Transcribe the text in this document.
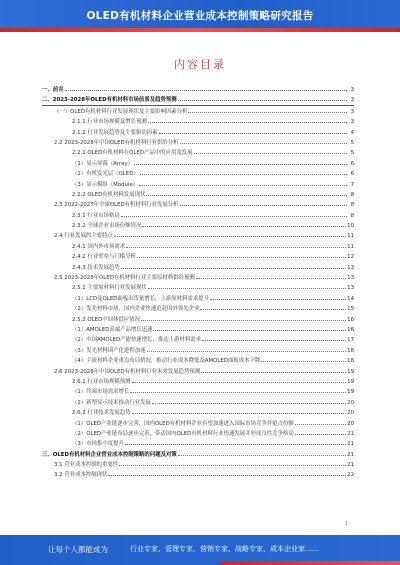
OLED有机材料企业营业成本控制策略研究报告
内容目录
一、前言	3
二、2023-2028年OLED有机材料市场前景及趋势预测	3
（一）OLED有机材料行业发展现状及主要影响因素分析	3
2.1.1 行业市场规模及增长预测	3
2.1.2 行业发展趋势及主要驱动因素	4
2.2 2023-2028年中国OLED有机材料行业供给分析	5
2.2.1 OLED有机材料在OLED产品中的应用及发展	5
（1）显示屏幕（Array）	6
（2）有机发光层（OLED）	6
（3）显示模组（Module）	7
2.2.2 OLED有机材料发展现状	8
2.3 2022-2027年全球OLED有机材料行业发展分析	8
2.3.1 行业市场格局	8
2.3.2 全球企业市场份额情况	10
2.4 行业发展的主要特点	11
2.4.1 国内外市场需求	11
2.4.2 行业壁垒与门槛分析	12
2.4.3 技术发展趋势	13
2.5 2023-2028年OLED有机材料行业主要原材料供给预测	13
2.5.1 主要原材料行业发展现状	13
（1）LCD及OLED面板出货量增长，上游原材料需求提升	14
（2）发光材料市场，国内企业快速追赶国外领先企业	15
2.5.2 OLED中间体供应情况	16
（1）AMOLED高端产品增长迅速	16
（2）中国AMOLED产能快速增长，推动上游材料需求	17
（3）发光材料国产化进程加速	18
（4）主流材料企业重点布局情况，推动行业成本降低及AMOLED面板成本下降	18
2.6 2023-2028年中国OLED有机材料行业未来发展趋势预测	19
2.6.1 行业市场规模预测	19
（1）终端市场需求增长	19
（2）新型显示技术推动行业发展	20
2.6.2 行业技术发展趋势	20
（1）OLED产业链逐步完善，国内OLED有机材料企业有望加速进入国际市场竞争并抢占份额	20
（2）OLED产业链布局逐步完善，带动国内OLED有机材料行业快速发展并形成良性竞争格局	21
（3）市场集中度提升	21
三、OLED有机材料企业营业成本控制策略的问题及对策	21
3.1 营业成本控制的重要性	21
3.2 营业成本控制现状	22
1
让每个人都能成为	行业专家、管理专家、营销专家、战略专家、成本企业家……
